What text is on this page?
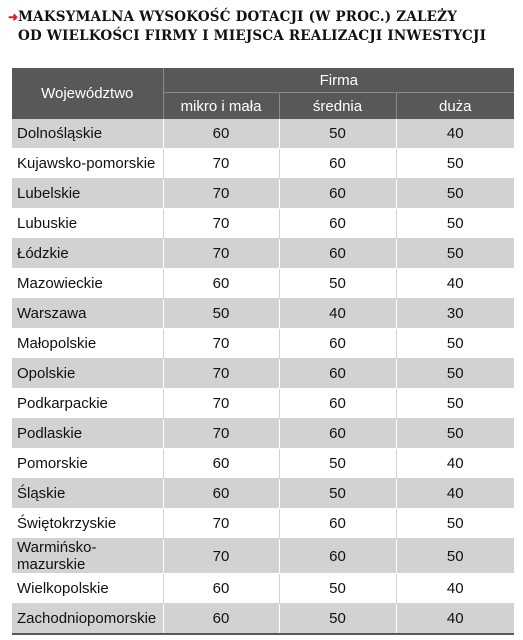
➜MAKSYMALNA WYSOKOŚĆ DOTACJI (W PROC.) ZALEŻY
OD WIELKOŚCI FIRMY I MIEJSCA REALIZACJI INWESTYCJI
Województwo	Firma		
	mikro i mała	średnia	duża
Dolnośląskie	60	50	40
Kujawsko-pomorskie	70	60	50
Lubelskie	70	60	50
Lubuskie	70	60	50
Łódzkie	70	60	50
Mazowieckie	60	50	40
Warszawa	50	40	30
Małopolskie	70	60	50
Opolskie	70	60	50
Podkarpackie	70	60	50
Podlaskie	70	60	50
Pomorskie	60	50	40
Śląskie	60	50	40
Świętokrzyskie	70	60	50
Warmińsko-mazurskie	70	60	50
Wielkopolskie	60	50	40
Zachodniopomorskie	60	50	40
